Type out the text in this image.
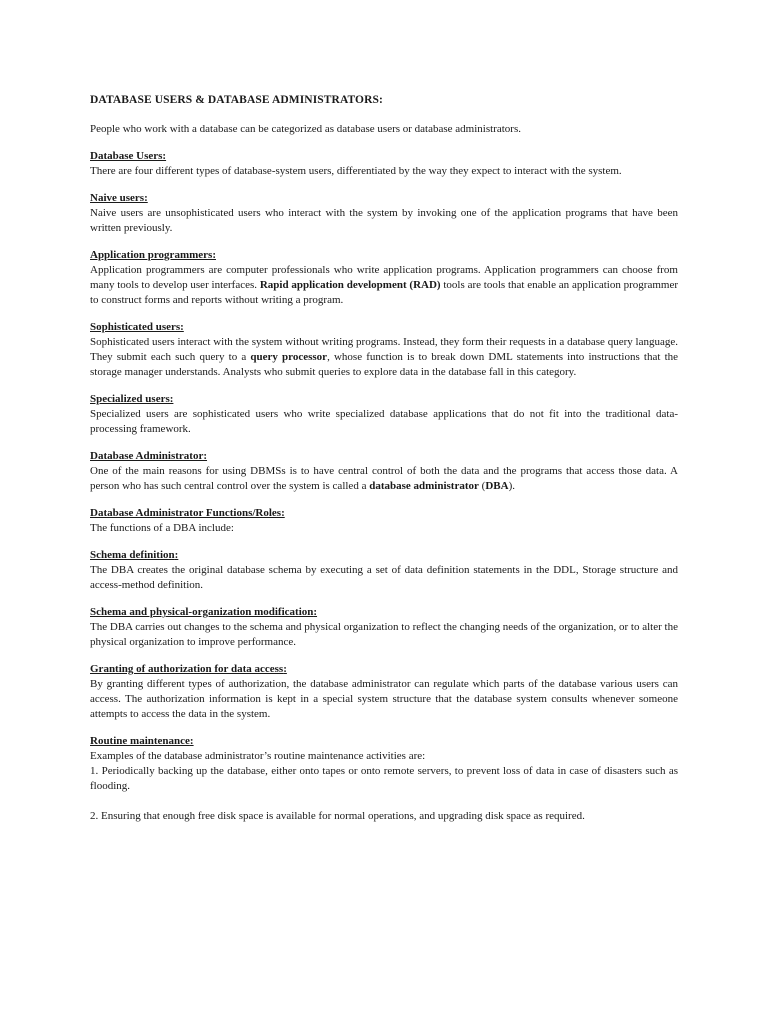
DATABASE USERS & DATABASE ADMINISTRATORS:
People who work with a database can be categorized as database users or database administrators.
Database Users:
There are four different types of database-system users, differentiated by the way they expect to interact with the system.
Naive users:
Naive users are unsophisticated users who interact with the system by invoking one of the application programs that have been written previously.
Application programmers:
Application programmers are computer professionals who write application programs. Application programmers can choose from many tools to develop user interfaces. Rapid application development (RAD) tools are tools that enable an application programmer to construct forms and reports without writing a program.
Sophisticated users:
Sophisticated users interact with the system without writing programs. Instead, they form their requests in a database query language. They submit each such query to a query processor, whose function is to break down DML statements into instructions that the storage manager understands. Analysts who submit queries to explore data in the database fall in this category.
Specialized users:
Specialized users are sophisticated users who write specialized database applications that do not fit into the traditional data-processing framework.
Database Administrator:
One of the main reasons for using DBMSs is to have central control of both the data and the programs that access those data. A person who has such central control over the system is called a database administrator (DBA).
Database Administrator Functions/Roles:
The functions of a DBA include:
Schema definition:
The DBA creates the original database schema by executing a set of data definition statements in the DDL, Storage structure and access-method definition.
Schema and physical-organization modification:
The DBA carries out changes to the schema and physical organization to reflect the changing needs of the organization, or to alter the physical organization to improve performance.
Granting of authorization for data access:
By granting different types of authorization, the database administrator can regulate which parts of the database various users can access. The authorization information is kept in a special system structure that the database system consults whenever someone attempts to access the data in the system.
Routine maintenance:
Examples of the database administrator’s routine maintenance activities are:
1. Periodically backing up the database, either onto tapes or onto remote servers, to prevent loss of data in case of disasters such as flooding.
2. Ensuring that enough free disk space is available for normal operations, and upgrading disk space as required.
